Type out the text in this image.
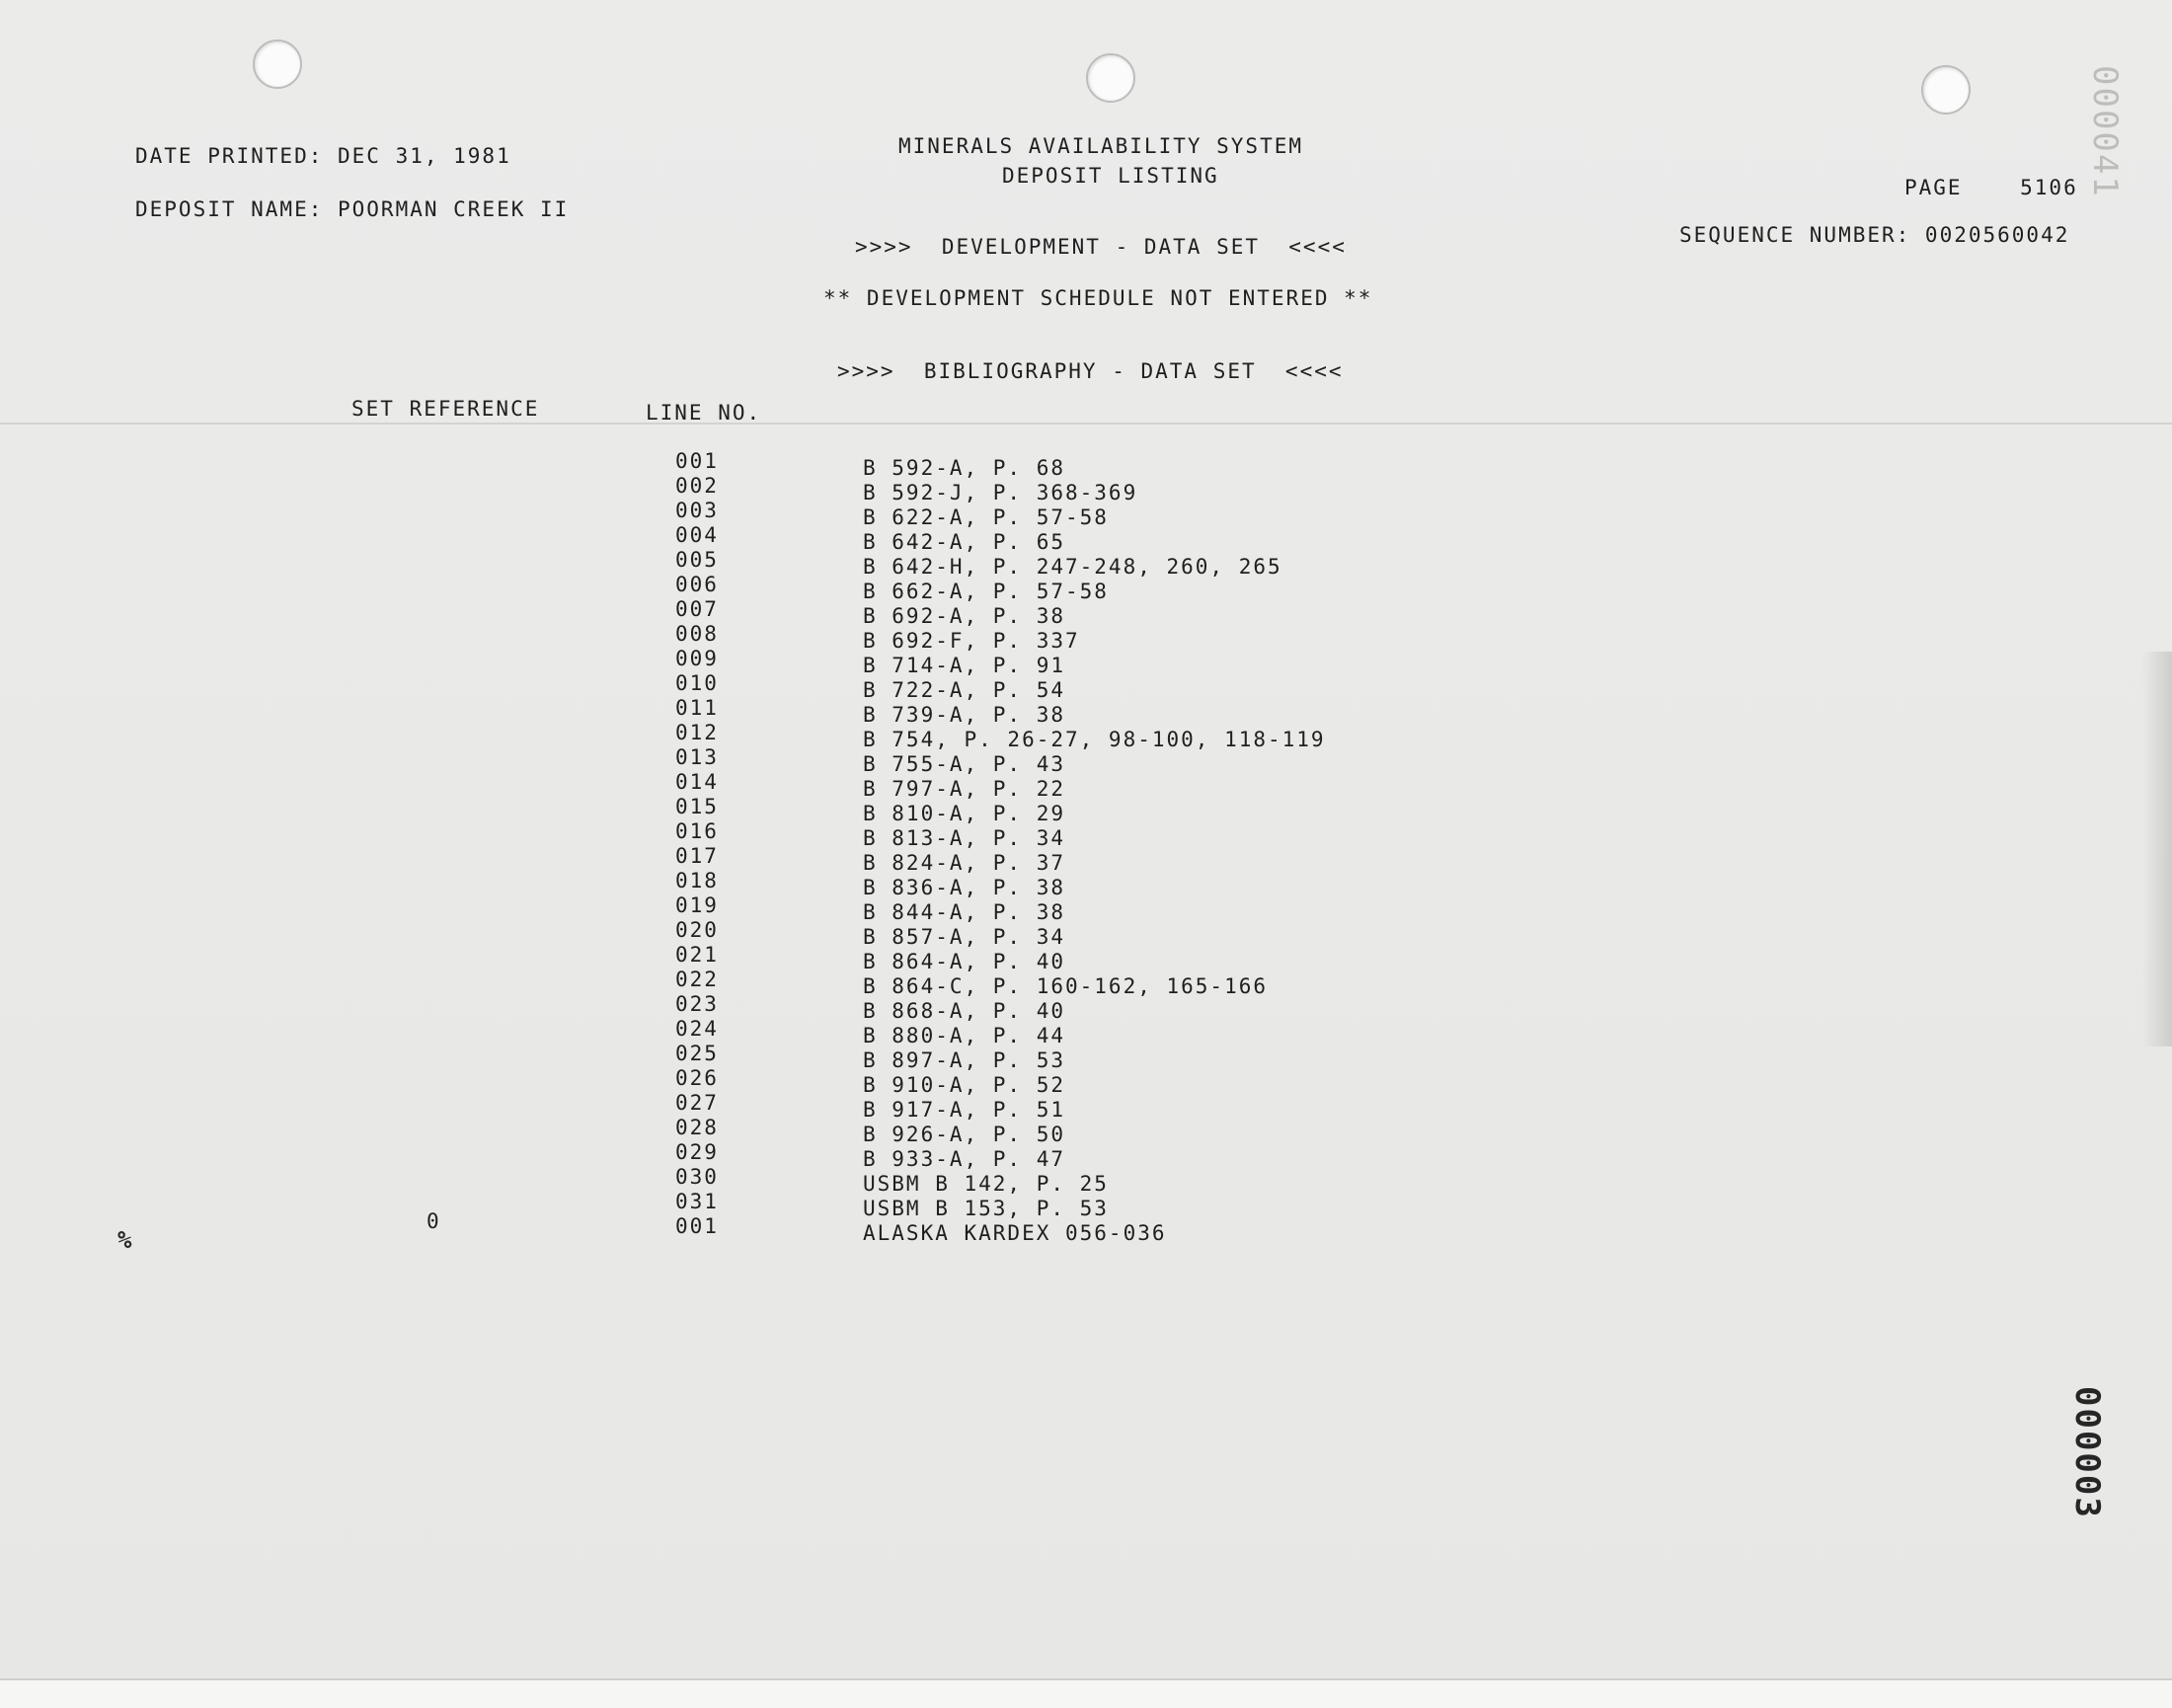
DATE PRINTED: DEC 31, 1981
DEPOSIT NAME: POORMAN CREEK II
MINERALS AVAILABILITY SYSTEM
DEPOSIT LISTING	PAGE    5106
SEQUENCE NUMBER: 0020560042
>>>>  DEVELOPMENT - DATA SET  <<<<
** DEVELOPMENT SCHEDULE NOT ENTERED **
>>>>  BIBLIOGRAPHY - DATA SET  <<<<
SET REFERENCE	LINE NO.
001	B 592-A, P. 68
002	B 592-J, P. 368-369
003	B 622-A, P. 57-58
004	B 642-A, P. 65
005	B 642-H, P. 247-248, 260, 265
006	B 662-A, P. 57-58
007	B 692-A, P. 38
008	B 692-F, P. 337
009	B 714-A, P. 91
010	B 722-A, P. 54
011	B 739-A, P. 38
012	B 754, P. 26-27, 98-100, 118-119
013	B 755-A, P. 43
014	B 797-A, P. 22
015	B 810-A, P. 29
016	B 813-A, P. 34
017	B 824-A, P. 37
018	B 836-A, P. 38
019	B 844-A, P. 38
020	B 857-A, P. 34
021	B 864-A, P. 40
022	B 864-C, P. 160-162, 165-166
023	B 868-A, P. 40
024	B 880-A, P. 44
025	B 897-A, P. 53
026	B 910-A, P. 52
027	B 917-A, P. 51
028	B 926-A, P. 50
029	B 933-A, P. 47
030	USBM B 142, P. 25
031	USBM B 153, P. 53
001	ALASKA KARDEX 056-036
0
%
000041
000003
